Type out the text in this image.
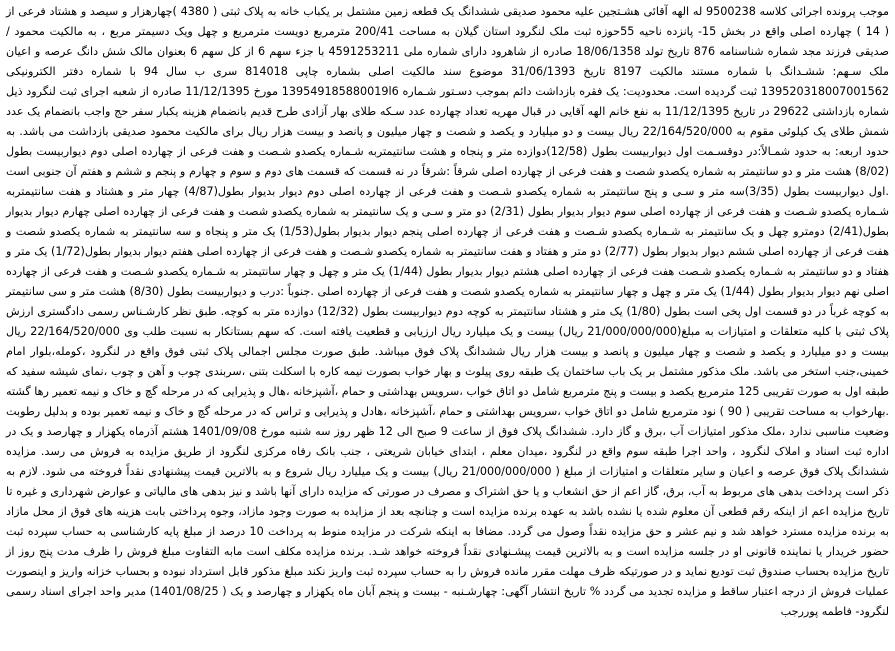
موجب پرونده اجرائی کلاسه 9500238 له الهه آقائی هشـتجین علیه محمود صدیقی ششدانگ یک قطعه زمین مشتمل بر یکباب خانه به پلاک ثبتی ( 4380 )چهارهزار و سیصد و هشتاد فرعی از ( 14 ) چهارده اصلی واقع در بخش 15- پانزده ناحیه 55حوزه ثبت ملک لنگرود استان گیلان به مساحت 200/41 مترمربع دویست مترمربع و چهل ویک دسیمتر مربع ، به مالکیت محمود / صدیقی فرزند مجد شماره شناسنامه 876 تاریخ تولد 18/06/1358 صادره از شاهرود دارای شماره ملی 4591253211 با جزء سهم 6 از کل سهم 6 بعنوان مالک شش دانگ عرصه و اعیان ملک سـهم: ششـدانگ با شماره مستند مالکیت 8197 تاریخ 31/06/1393 موضوع سند مالکیت اصلی بشماره چاپی 814018 سری ب سال 94 با شماره دفتر الکترونیکی 139520318007001562 ثبت گردیده است. محدودیت: یک فقره بازداشت دائم بموجب دسـتور شـماره 139549185880019l6 مورخ 11/12/1395 صادره از شعبه اجرای ثبت لنگرود ذیل شماره بازداشتی 29622 در تاریخ 11/12/1395 به نفع خانم الهه آقایی در قبال مهریه تعداد چهارده عدد سـکه طلای بهار آزادی طرح قدیم بانضمام هزینه یکبار سفر حج واجب بانضمام یک عدد شمش طلای یک کیلوئی مقوم به 22/164/520/000 ریال بیست و دو میلیارد و یکصد و شصت و چهار میلیون و پانصد و بیست هزار ریال برای مالکیت محمود صدیقی بازداشت می باشد. به حدود اربعه: به حدود شمـالاً:در دوقسـمت اول دیواربیست بطول (12/58)دوازده متر و پنجاه و هشت سانتیمتربه شـماره یکصدو شـصت و هفت فرعی از چهارده اصلی دوم دیواربیست بطول (8/02) هشت متر و دو سانتیمتر به شماره یکصدو شصت و هفت فرعی از چهارده اصلی شرقاً :شرقاً در نه قسمت که قسمت های دوم و سوم و چهارم و پنجم و ششم و هفتم آن جنوبی است .اول دیواربیست بطول (3/35)سه متر و سـی و پنج سانتیمتر به شماره یکصدو شـصت و هفت فرعی از چهارده اصلی دوم دیوار بدیوار بطول(4/87) چهار متر و هشتاد و هفت سانتیمتربه شـماره یکصدو شـصت و هفت فرعی از چهارده اصلی سوم دیوار بدیوار بطول (2/31) دو متر و سـی و یک سانتیمتر به شماره یکصدو شصت و هفت فرعی از چهارده اصلی چهارم دیوار بدیوار بطول(2/41) دومترو چهل و یک سانتیمتر به شـماره یکصدو شـصت و هفت فرعی از چهارده اصلی پنجم دیوار بدیوار بطول(1/53) یک متر و پنجاه و سه سانتیمتر به شماره یکصدو شصت و هفت فرعی از چهارده اصلی ششم دیوار بدیوار بطول (2/77) دو متر و هفتاد و هفت سانتیمتر به شماره یکصدو شـصت و هفت فرعی از چهارده اصلی هفتم دیوار بدیوار بطول(1/72) یک متر و هفتاد و دو سانتیمتر به شـماره یکصدو شـصت هفت فرعی از چهارده اصلی هشتم دیوار بدیوار بطول (1/44) یک متر و چهل و چهار سانتیمتر به شـماره یکصدو شـصت و هفت فرعی از چهارده اصلی نهم دیوار بدیوار بطول (1/44) یک متر و چهل و چهار سانتیمتر به شماره یکصدو شصت و هفت فرعی از چهارده اصلی .جنوباً :درب و دیواربیست بطول (8/30) هشت متر و سی سانتیمتر به کوچه غرباً در دو قسمت اول پخی است بطول (1/80) یک متر و هشتاد سانتیمتر به کوچه دوم دیواربیست بطول (12/32) دوازده متر به کوچه. طبق نظر کارشـناس رسمی دادگستری ارزش پلاک ثبتی با کلیه متعلقات و امتیازات به مبلغ(21/000/000/000 ریال) بیست و یک میلیارد ریال ارزیابی و قطعیت یافته است. که سهم بستانکار به نسبت طلب وی 22/164/520/000 ریال بیست و دو میلیارد و یکصد و شصت و چهار میلیون و پانصد و بیست هزار ریال ششدانگ پلاک فوق میباشد. طبق صورت مجلس اجمالی پلاک ثبتی فوق واقع در لنگرود ،کومله،بلوار امام خمینی،جنب استخر می باشد. ملک مذکور مشتمل بر یک باب ساختمان یک طبقه روی پیلوت و بهار خواب بصورت نیمه کاره با اسکلت بتنی ،سربندی چوب و آهن و چوب ،نمای شیشه سفید که طبقه اول به صورت تقریبی 125 مترمربع یکصد و بیست و پنج مترمربع شامل دو اتاق خواب ،سرویس بهداشتی و حمام ،آشپزخانه ،هال و پذیرایی که در مرحله گچ و خاک و نیمه تعمیر رها گشته .بهارخواب به مساحت تقریبی ( 90 ) نود مترمربع شامل دو اتاق خواب ،سرویس بهداشتی و حمام ،آشپزخانه ،هادل و پذیرایی و تراس که در مرحله گچ و خاک و نیمه تعمیر بوده و بدلیل رطوبت وضعیت مناسبی ندارد ،ملک مذکور امتیازات آب ،برق و گاز دارد. ششدانگ پلاک فوق از ساعت 9 صبح الی 12 ظهر روز سه شنبه مورخ 1401/09/08 هشتم آذرماه یکهزار و چهارصد و یک در اداره ثبت اسناد و املاک لنگرود ، واحد اجرا طبقه سوم واقع در لنگرود ،میدان معلم ، ابتدای خیابان شریعتی ، جنب بانک رفاه مرکزی لنگرود از طریق مزایده به فروش می رسد. مزایده ششدانگ پلاک فوق عرصه و اعیان و سایر متعلقات و امتیازات از مبلغ ( 21/000/000/000 ریال) بیست و یک میلیارد ریال شروع و به بالاترین قیمت پیشنهادی نقداً فروخته می شود. لازم به ذکر است پرداخت بدهی های مربوط به آب، برق، گاز اعم از حق انشعاب و یا حق اشتراک و مصرف در صورتی که مزایده دارای آنها باشد و نیز بدهی های مالیاتی و عوارض شهرداری و غیره تا تاریخ مزایده اعم از اینکه رقم قطعی آن معلوم شده یا نشده باشد به عهده برنده مزایده است و چنانچه بعد از مزایده به صورت وجود مازاد، وجوه پرداختی بابت هزینه های فوق از محل مازاد به برنده مزایده مسترد خواهد شد و نیم عشر و حق مزایده نقداً وصول می گردد. مضافا به اینکه شرکت در مزایده منوط به پرداخت 10 درصد از مبلغ پایه کارشناسی به حساب سپرده ثبت حضور خریدار یا نماینده قانونی او در جلسه مزایده است و به بالاترین قیمت پیشـنهادی نقداً فروخته خواهد شـد. برنده مزایده مکلف است مابه التفاوت مبلغ فروش را ظرف مدت پنج روز از تاریخ مزایده بحساب صندوق ثبت تودیع نماید و در صورتیکه ظرف مهلت مقرر مانده فروش را به حساب سپرده ثبت واریز نکند مبلغ مذکور قابل استرداد نبوده و بحساب خزانه واریز و اینصورت عملیات فروش از درجه اعتبار ساقط و مزایده تجدید می گردد % تاریخ انتشار آگهی: چهارشـنبه - بیست و پنجم آبان ماه یکهزار و چهارصد و یک ( 1401/08/25) مدیر واحد اجرای اسناد رسمی لنگرود- فاطمه پوررجب
